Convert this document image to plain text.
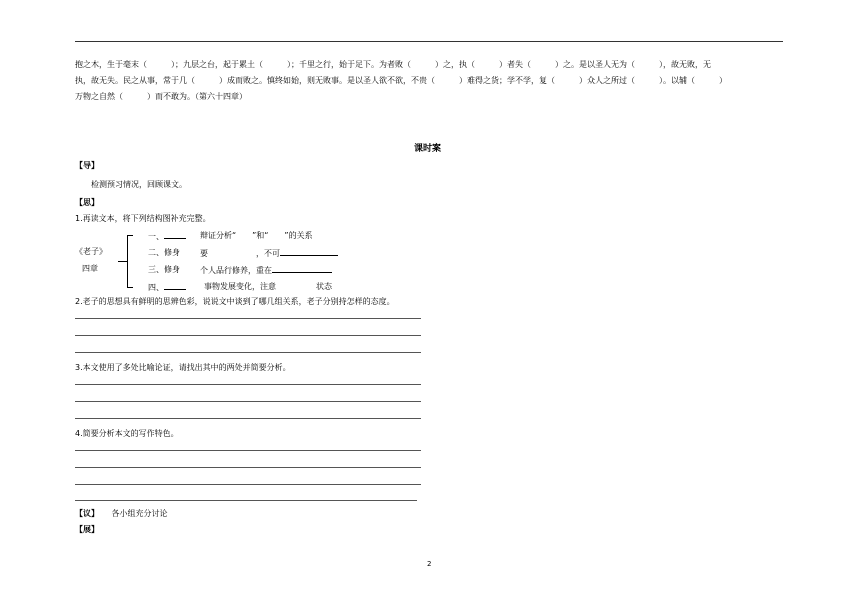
抱之木，生于毫末（　　　）；九层之台，起于累土（　　　）；千里之行，始于足下。为者败（　　　）之，执（　　　）者失（　　　）之。是以圣人无为（　　　），故无败，无
执，故无失。民之从事，常于几（　　　）成而败之。慎终如始，则无败事。是以圣人欲不欲，不贵（　　　）难得之货；学不学，复（　　　）众人之所过（　　　）。以辅（　　　）
万物之自然（　　　）而不敢为。（第六十四章）
课时案
【导】
检测预习情况，回顾课文。
【思】
1.再读文本，将下列结构图补充完整。
《老子》
四章
一、	辩证分析“　　”和“　　”的关系
二、修身	要　　　　　　，不可
三、修身	个人品行修养，重在
四、	事物发展变化，注意　　　　　状态
2.老子的思想具有鲜明的思辨色彩，说说文中谈到了哪几组关系，老子分别持怎样的态度。
3.本文使用了多处比喻论证，请找出其中的两处并简要分析。
4.简要分析本文的写作特色。
【议】 各小组充分讨论
【展】
2
